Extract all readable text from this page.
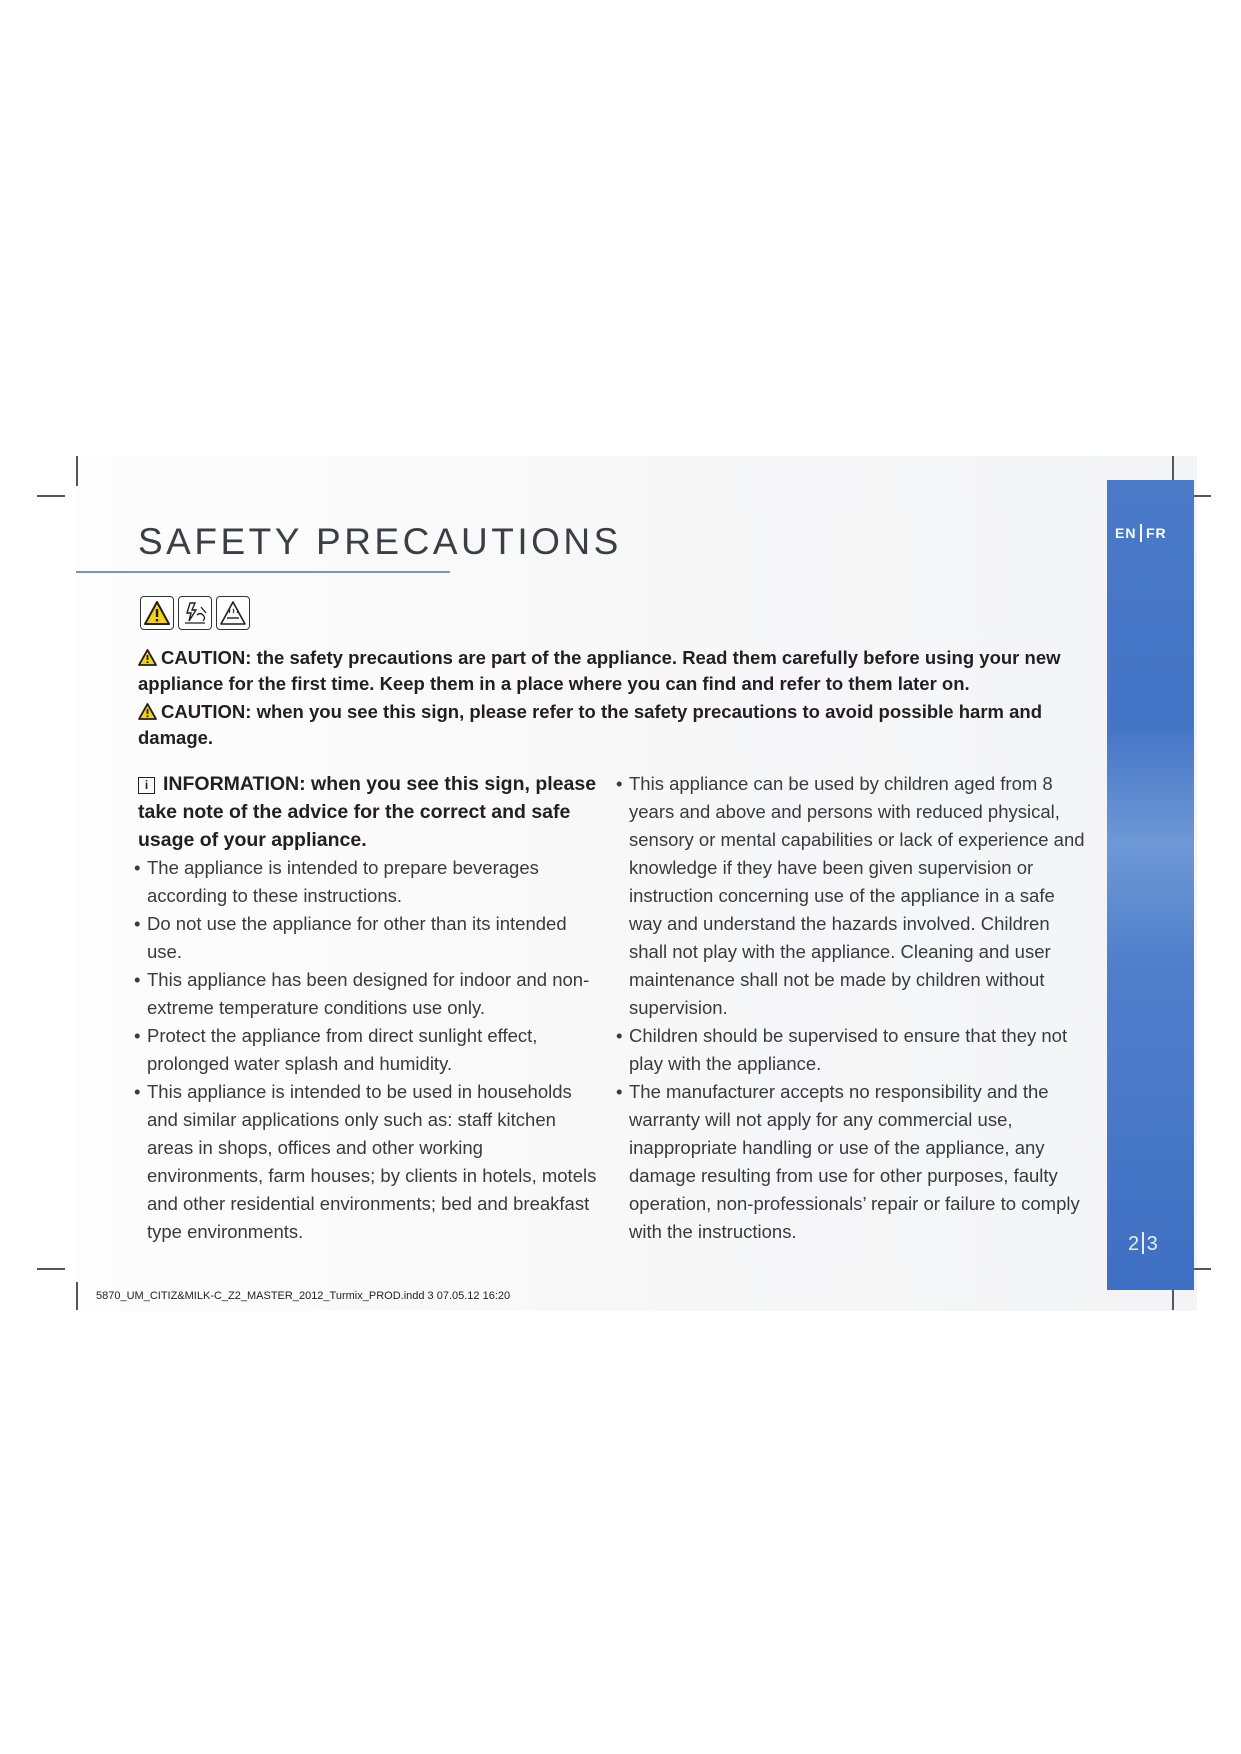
SAFETY PRECAUTIONS

CAUTION: the safety precautions are part of the appliance. Read them carefully before using your new appliance for the first time. Keep them in a place where you can find and refer to them later on.

CAUTION: when you see this sign, please refer to the safety precautions to avoid possible harm and damage.

i INFORMATION: when you see this sign, please take note of the advice for the correct and safe usage of your appliance.

• The appliance is intended to prepare beverages according to these instructions.
• Do not use the appliance for other than its intended use.
• This appliance has been designed for indoor and non-extreme temperature conditions use only.
• Protect the appliance from direct sunlight effect, prolonged water splash and humidity.
• This appliance is intended to be used in households and similar applications only such as: staff kitchen areas in shops, offices and other working environments, farm houses; by clients in hotels, motels and other residential environments; bed and breakfast type environments.
• This appliance can be used by children aged from 8 years and above and persons with reduced physical, sensory or mental capabilities or lack of experience and knowledge if they have been given supervision or instruction concerning use of the appliance in a safe way and understand the hazards involved. Children shall not play with the appliance. Cleaning and user maintenance shall not be made by children without supervision.
• Children should be supervised to ensure that they not play with the appliance.
• The manufacturer accepts no responsibility and the warranty will not apply for any commercial use, inappropriate handling or use of the appliance, any damage resulting from use for other purposes, faulty operation, non-professionals’ repair or failure to comply with the instructions.
EN FR
2 3
5870_UM_CITIZ&MILK-C_Z2_MASTER_2012_Turmix_PROD.indd 3 07.05.12 16:20
